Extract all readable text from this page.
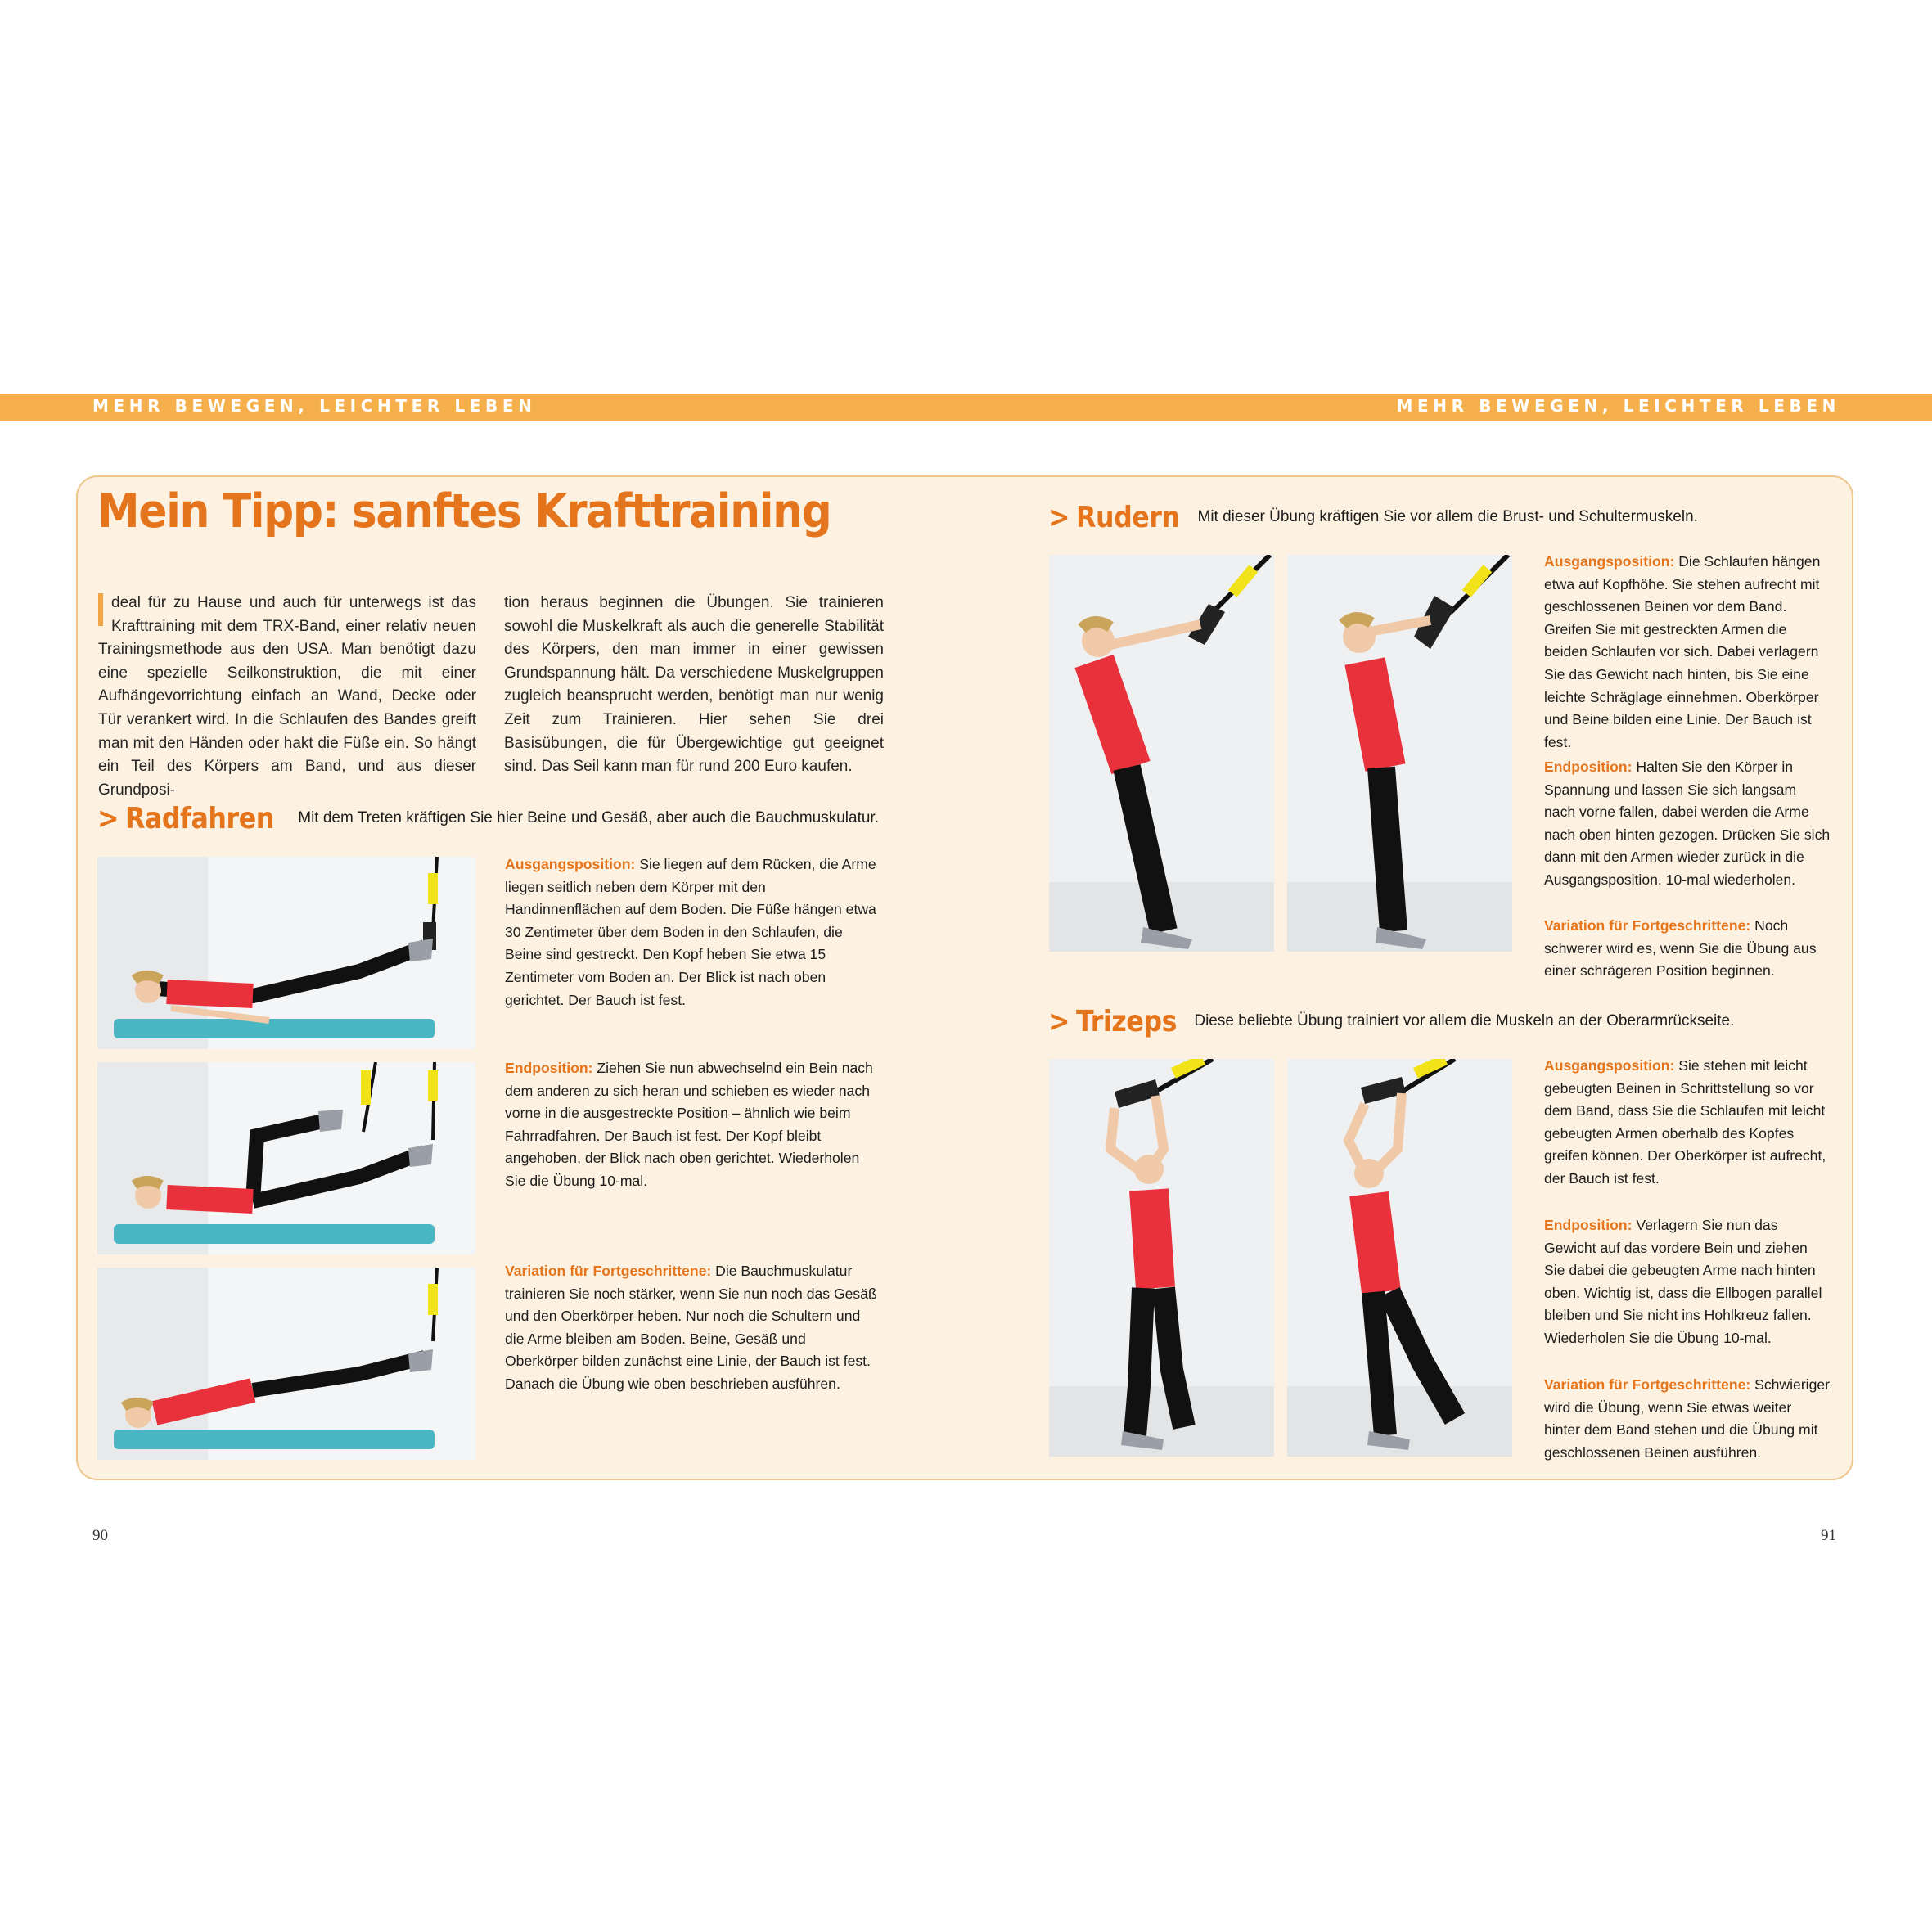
MEHR BEWEGEN, LEICHTER LEBEN	MEHR BEWEGEN, LEICHTER LEBEN
Mein Tipp: sanftes Krafttraining
deal für zu Hause und auch für unterwegs ist das Krafttraining mit dem TRX-Band, einer relativ neuen Trainingsmethode aus den USA. Man benötigt dazu eine spezielle Seilkonstruktion, die mit einer Aufhängevorrichtung einfach an Wand, Decke oder Tür verankert wird. In die Schlaufen des Bandes greift man mit den Händen oder hakt die Füße ein. So hängt ein Teil des Körpers am Band, und aus dieser Grundposi-
tion heraus beginnen die Übungen. Sie trainieren sowohl die Muskelkraft als auch die generelle Stabilität des Körpers, den man immer in einer gewissen Grundspannung hält. Da verschiedene Muskelgruppen zugleich beansprucht werden, benötigt man nur wenig Zeit zum Trainieren. Hier sehen Sie drei Basisübungen, die für Übergewichtige gut geeignet sind. Das Seil kann man für rund 200 Euro kaufen.
> Radfahren Mit dem Treten kräftigen Sie hier Beine und Gesäß, aber auch die Bauchmuskulatur.
Ausgangsposition: Sie liegen auf dem Rücken, die Arme liegen seitlich neben dem Körper mit den Handinnenflächen auf dem Boden. Die Füße hängen etwa 30 Zentimeter über dem Boden in den Schlaufen, die Beine sind gestreckt. Den Kopf heben Sie etwa 15 Zentimeter vom Boden an. Der Blick ist nach oben gerichtet. Der Bauch ist fest.
Endposition: Ziehen Sie nun abwechselnd ein Bein nach dem anderen zu sich heran und schieben es wieder nach vorne in die ausgestreckte Position – ähnlich wie beim Fahrradfahren. Der Bauch ist fest. Der Kopf bleibt angehoben, der Blick nach oben gerichtet. Wiederholen Sie die Übung 10-mal.
Variation für Fortgeschrittene: Die Bauchmuskulatur trainieren Sie noch stärker, wenn Sie nun noch das Gesäß und den Oberkörper heben. Nur noch die Schultern und die Arme bleiben am Boden. Beine, Gesäß und Oberkörper bilden zunächst eine Linie, der Bauch ist fest. Danach die Übung wie oben beschrieben ausführen.
> Rudern Mit dieser Übung kräftigen Sie vor allem die Brust- und Schultermuskeln.
Ausgangsposition: Die Schlaufen hängen etwa auf Kopfhöhe. Sie stehen aufrecht mit geschlossenen Beinen vor dem Band. Greifen Sie mit gestreckten Armen die beiden Schlaufen vor sich. Dabei verlagern Sie das Gewicht nach hinten, bis Sie eine leichte Schräglage einnehmen. Oberkörper und Beine bilden eine Linie. Der Bauch ist fest.
Endposition: Halten Sie den Körper in Spannung und lassen Sie sich langsam nach vorne fallen, dabei werden die Arme nach oben hinten gezogen. Drücken Sie sich dann mit den Armen wieder zurück in die Ausgangsposition. 10-mal wiederholen.
Variation für Fortgeschrittene: Noch schwerer wird es, wenn Sie die Übung aus einer schrägeren Position beginnen.
> Trizeps Diese beliebte Übung trainiert vor allem die Muskeln an der Oberarmrückseite.
Ausgangsposition: Sie stehen mit leicht gebeugten Beinen in Schrittstellung so vor dem Band, dass Sie die Schlaufen mit leicht gebeugten Armen oberhalb des Kopfes greifen können. Der Oberkörper ist aufrecht, der Bauch ist fest.
Endposition: Verlagern Sie nun das Gewicht auf das vordere Bein und ziehen Sie dabei die gebeugten Arme nach hinten oben. Wichtig ist, dass die Ellbogen parallel bleiben und Sie nicht ins Hohlkreuz fallen. Wiederholen Sie die Übung 10-mal.
Variation für Fortgeschrittene: Schwieriger wird die Übung, wenn Sie etwas weiter hinter dem Band stehen und die Übung mit geschlossenen Beinen ausführen.
90	91
